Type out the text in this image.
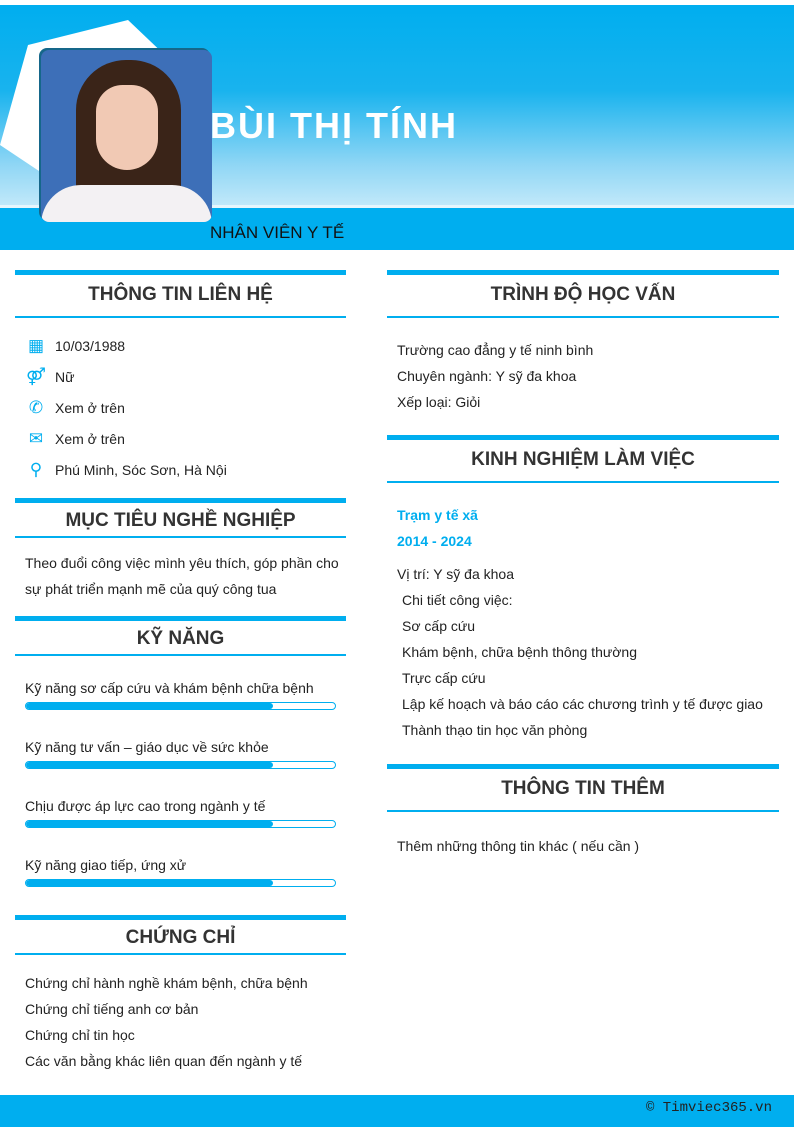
BÙI THỊ TÍNH
NHÂN VIÊN Y TẾ
THÔNG TIN LIÊN HỆ
▦ 10/03/1988
⚤ Nữ
✆ Xem ở trên
✉ Xem ở trên
⚲ Phú Minh, Sóc Sơn, Hà Nội
MỤC TIÊU NGHỀ NGHIỆP
Theo đuổi công việc mình yêu thích, góp phần cho
sự phát triển mạnh mẽ của quý công tua
KỸ NĂNG
Kỹ năng sơ cấp cứu và khám bệnh chữa bệnh
Kỹ năng tư vấn – giáo dục về sức khỏe
Chịu được áp lực cao trong ngành y tế
Kỹ năng giao tiếp, ứng xử
CHỨNG CHỈ
Chứng chỉ hành nghề khám bệnh, chữa bệnh
Chứng chỉ tiếng anh cơ bản
Chứng chỉ tin học
Các văn bằng khác liên quan đến ngành y tế
TRÌNH ĐỘ HỌC VẤN
Trường cao đẳng y tế ninh bình
Chuyên ngành: Y sỹ đa khoa
Xếp loại: Giỏi
KINH NGHIỆM LÀM VIỆC
Trạm y tế xã
2014 - 2024
Vị trí: Y sỹ đa khoa
Chi tiết công việc:
Sơ cấp cứu
Khám bệnh, chữa bệnh thông thường
Trực cấp cứu
Lập kế hoạch và báo cáo các chương trình y tế được giao
Thành thạo tin học văn phòng
THÔNG TIN THÊM
Thêm những thông tin khác ( nếu cần )
© Timviec365.vn
